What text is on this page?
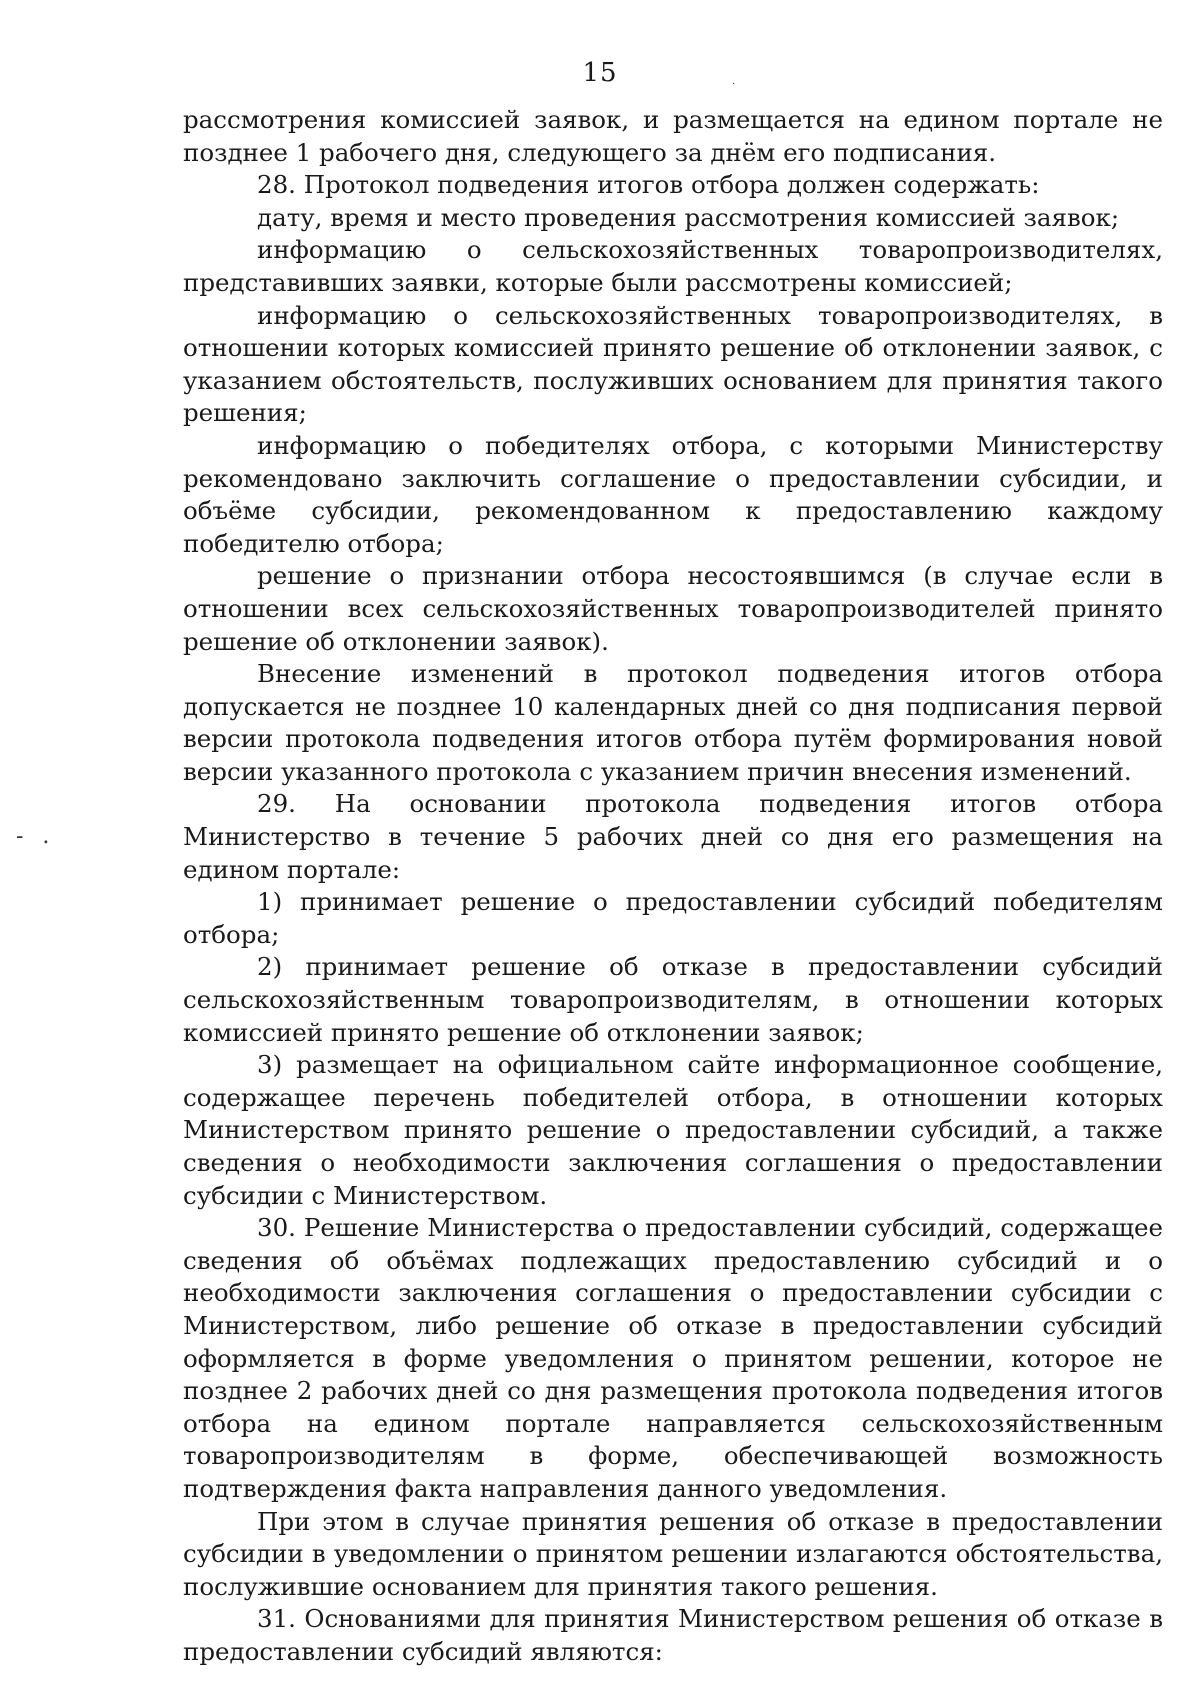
15	.
- .

рассмотрения комиссией заявок, и размещается на едином портале не позднее 1 рабочего дня, следующего за днём его подписания.

28. Протокол подведения итогов отбора должен содержать:

дату, время и место проведения рассмотрения комиссией заявок;

информацию о сельскохозяйственных товаропроизводителях, представивших заявки, которые были рассмотрены комиссией;

информацию о сельскохозяйственных товаропроизводителях, в отношении которых комиссией принято решение об отклонении заявок, с указанием обстоятельств, послуживших основанием для принятия такого решения;

информацию о победителях отбора, с которыми Министерству рекомендовано заключить соглашение о предоставлении субсидии, и объёме субсидии, рекомендованном к предоставлению каждому победителю отбора;

решение о признании отбора несостоявшимся (в случае если в отношении всех сельскохозяйственных товаропроизводителей принято решение об отклонении заявок).

Внесение изменений в протокол подведения итогов отбора допускается не позднее 10 календарных дней со дня подписания первой версии протокола подведения итогов отбора путём формирования новой версии указанного протокола с указанием причин внесения изменений.

29. На основании протокола подведения итогов отбора Министерство в течение 5 рабочих дней со дня его размещения на едином портале:

1) принимает решение о предоставлении субсидий победителям отбора;

2) принимает решение об отказе в предоставлении субсидий сельскохозяйственным товаропроизводителям, в отношении которых комиссией принято решение об отклонении заявок;

3) размещает на официальном сайте информационное сообщение, содержащее перечень победителей отбора, в отношении которых Министерством принято решение о предоставлении субсидий, а также сведения о необходимости заключения соглашения о предоставлении субсидии с Министерством.

30. Решение Министерства о предоставлении субсидий, содержащее сведения об объёмах подлежащих предоставлению субсидий и о необходимости заключения соглашения о предоставлении субсидии с Министерством, либо решение об отказе в предоставлении субсидий оформляется в форме уведомления о принятом решении, которое не позднее 2 рабочих дней со дня размещения протокола подведения итогов отбора на едином портале направляется сельскохозяйственным товаропроизводителям в форме, обеспечивающей возможность подтверждения факта направления данного уведомления.

При этом в случае принятия решения об отказе в предоставлении субсидии в уведомлении о принятом решении излагаются обстоятельства, послужившие основанием для принятия такого решения.

31. Основаниями для принятия Министерством решения об отказе в предоставлении субсидий являются:
